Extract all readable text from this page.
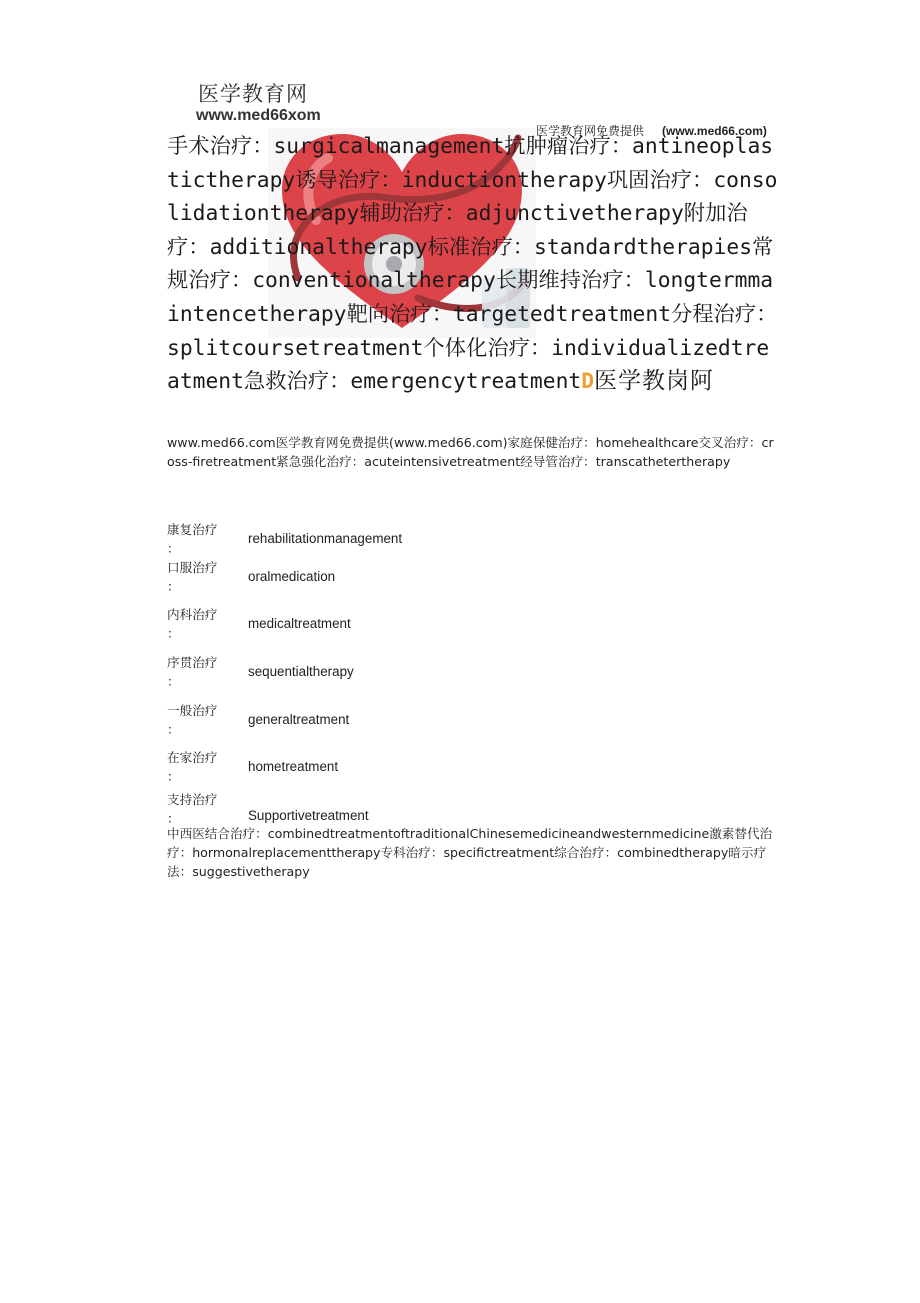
医学教育网
www.med66xom
医学教育网免费提供 (www.med66.com)
手术治疗：surgicalmanagement抗肿瘤治疗：antineoplastictherapy诱导治疗：inductiontherapy巩固治疗：consolidationtherapy辅助治疗：adjunctivetherapy附加治疗：additionaltherapy标准治疗：standardtherapies常规治疗：conventionaltherapy长期维持治疗：longtermmaintencetherapy靶向治疗：targetedtreatment分程治疗：splitcoursetreatment个体化治疗：individualizedtreatment急救治疗：emergencytreatmentD医学教岗阿
www.med66.com医学教育网免费提供(www.med66.com)家庭保健治疗：homehealthcare交叉治疗：cross-firetreatment紧急强化治疗：acuteintensivetreatment经导管治疗：transcathetertherapy
康复治疗
：
rehabilitationmanagement
口服治疗
：
oralmedication
内科治疗
：
medicaltreatment
序贯治疗
：
sequentialtherapy
一般治疗
：
generaltreatment
在家治疗
：
hometreatment
支持治疗
：	Supportivetreatment
中西医结合治疗：combinedtreatmentoftraditionalChinesemedicineandwesternmedicine激素替代治疗：hormonalreplacementtherapy专科治疗：specifictreatment综合治疗：combinedtherapy暗示疗法：suggestivetherapy
